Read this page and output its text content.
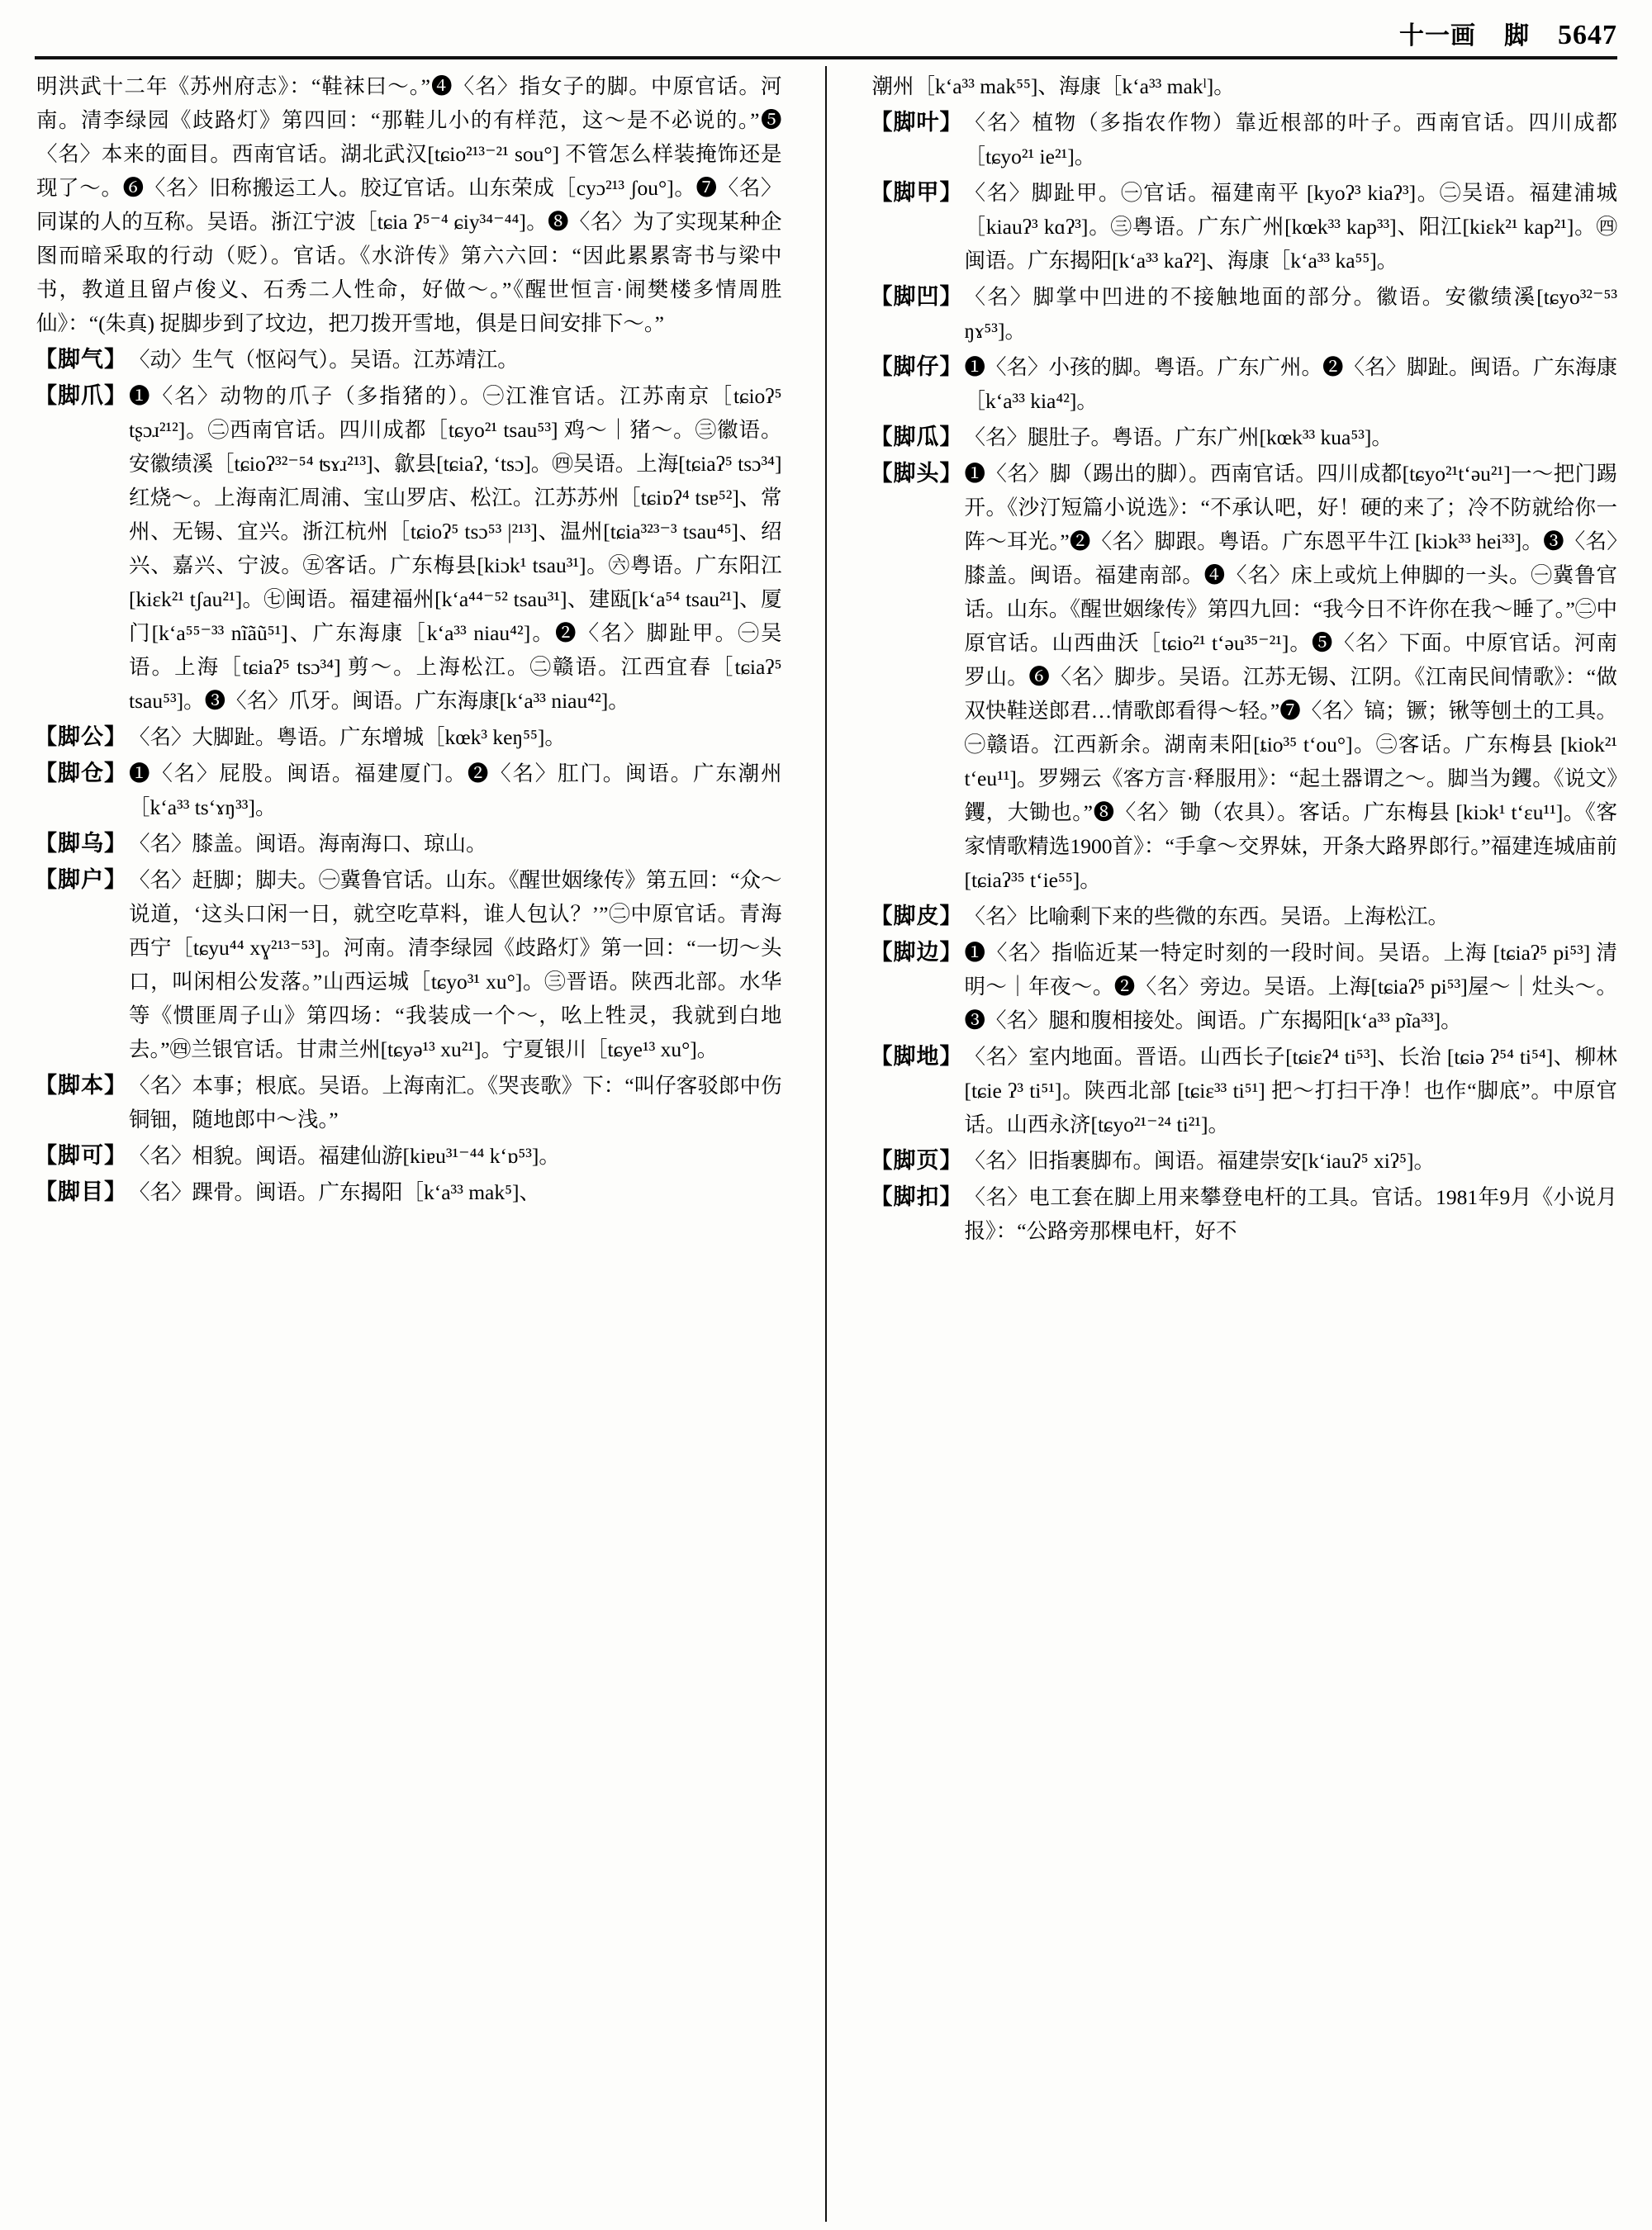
十一画 脚 5647
明洪武十二年《苏州府志》：“鞋袜曰～。”❹〈名〉指女子的脚。中原官话。河南。清李绿园《歧路灯》第四回：“那鞋儿小的有样范，这～是不必说的。”❺〈名〉本来的面目。西南官话。湖北武汉[tɕio²¹³⁻²¹ sou°] 不管怎么样装掩饰还是现了～。❻〈名〉旧称搬运工人。胶辽官话。山东荣成［cyɔ²¹³ ʃou°]。❼〈名〉同谋的人的互称。吴语。浙江宁波［tɕia ʔ⁵⁻⁴ ɕiy³⁴⁻⁴⁴]。❽〈名〉为了实现某种企图而暗采取的行动（贬）。官话。《水浒传》第六六回：“因此累累寄书与梁中书，教道且留卢俊义、石秀二人性命，好做～。”《醒世恒言·闹樊楼多情周胜仙》：“(朱真) 捉脚步到了坟边，把刀拨开雪地，俱是日间安排下～。”
【脚气】 〈动〉生气（怄闷气）。吴语。江苏靖江。
【脚爪】 ❶〈名〉动物的爪子（多指猪的）。㊀江淮官话。江苏南京［tɕioʔ⁵ tʂɔɹ²¹²]。㊁西南官话。四川成都［tɕyo²¹ tsau⁵³] 鸡～｜猪～。㊂徽语。安徽绩溪［tɕioʔ³²⁻⁵⁴ ʦɤɹ²¹³]、歙县[tɕiaʔ, ʻtsɔ]。㊃吴语。上海[tɕiaʔ⁵ tsɔ³⁴] 红烧～。上海南汇周浦、宝山罗店、松江。江苏苏州［tɕiɒʔ⁴ tsɐ⁵²]、常州、无锡、宜兴。浙江杭州［tɕioʔ⁵ tsɔ⁵³ |²¹³]、温州[tɕia³²³⁻³ tsau⁴⁵]、绍兴、嘉兴、宁波。㊄客话。广东梅县[kiɔk¹ tsau³¹]。㊅粤语。广东阳江[kiɛk²¹ tʃau²¹]。㊆闽语。福建福州[kʻa⁴⁴⁻⁵² tsau³¹]、建瓯[kʻa⁵⁴ tsau²¹]、厦门[kʻa⁵⁵⁻³³ nĩãũ⁵¹]、广东海康［kʻa³³ niau⁴²]。❷〈名〉脚趾甲。㊀吴语。上海［tɕiaʔ⁵ tsɔ³⁴] 剪～。上海松江。㊁赣语。江西宜春［tɕiaʔ⁵ tsau⁵³]。❸〈名〉爪牙。闽语。广东海康[kʻa³³ niau⁴²]。
【脚公】 〈名〉大脚趾。粤语。广东增城［kœk³ keŋ⁵⁵]。
【脚仓】 ❶〈名〉屁股。闽语。福建厦门。❷〈名〉肛门。闽语。广东潮州［kʻa³³ tsʻɤŋ³³]。
【脚乌】 〈名〉膝盖。闽语。海南海口、琼山。
【脚户】 〈名〉赶脚；脚夫。㊀冀鲁官话。山东。《醒世姻缘传》第五回：“众～说道，‘这头口闲一日，就空吃草料，谁人包认？’”㊁中原官话。青海西宁［tɕyu⁴⁴ xɣ²¹³⁻⁵³]。河南。清李绿园《歧路灯》第一回：“一切～头口，叫闲相公发落。”山西运城［tɕyo³¹ xu°]。㊂晋语。陕西北部。水华等《惯匪周子山》第四场：“我装成一个～，吆上牲灵，我就到白地去。”㊃兰银官话。甘肃兰州[tɕyə¹³ xu²¹]。宁夏银川［tɕye¹³ xu°]。
【脚本】 〈名〉本事；根底。吴语。上海南汇。《哭丧歌》下：“叫仔客驳郎中伤铜钿，随地郎中～浅。”
【脚可】 〈名〉相貌。闽语。福建仙游[kiɐu³¹⁻⁴⁴ kʻɒ⁵³]。
【脚目】 〈名〉踝骨。闽语。广东揭阳［kʻa³³ mak⁵]、
潮州［kʻa³³ mak⁵⁵]、海康［kʻa³³ makˡ]。
【脚叶】 〈名〉植物（多指农作物）靠近根部的叶子。西南官话。四川成都［tɕyo²¹ ie²¹]。
【脚甲】 〈名〉脚趾甲。㊀官话。福建南平 [kyoʔ³ kiaʔ³]。㊁吴语。福建浦城［kiauʔ³ kɑʔ³]。㊂粤语。广东广州[kœk³³ kap³³]、阳江[kiɛk²¹ kap²¹]。㊃闽语。广东揭阳[kʻa³³ kaʔ²]、海康［kʻa³³ ka⁵⁵]。
【脚凹】 〈名〉脚掌中凹进的不接触地面的部分。徽语。安徽绩溪[tɕyo³²⁻⁵³ ŋɤ⁵³]。
【脚仔】 ❶〈名〉小孩的脚。粤语。广东广州。❷〈名〉脚趾。闽语。广东海康［kʻa³³ kia⁴²]。
【脚瓜】 〈名〉腿肚子。粤语。广东广州[kœk³³ kua⁵³]。
【脚头】 ❶〈名〉脚（踢出的脚）。西南官话。四川成都[tɕyo²¹tʻəu²¹]一～把门踢开。《沙汀短篇小说选》：“不承认吧，好！硬的来了；冷不防就给你一阵～耳光。”❷〈名〉脚跟。粤语。广东恩平牛江 [kiɔk³³ hei³³]。❸〈名〉膝盖。闽语。福建南部。❹〈名〉床上或炕上伸脚的一头。㊀冀鲁官话。山东。《醒世姻缘传》第四九回：“我今日不许你在我～睡了。”㊁中原官话。山西曲沃［tɕio²¹ tʻəu³⁵⁻²¹]。❺〈名〉下面。中原官话。河南罗山。❻〈名〉脚步。吴语。江苏无锡、江阴。《江南民间情歌》：“做双快鞋送郎君…情歌郎看得～轻。”❼〈名〉镐；镢；锹等刨土的工具。㊀赣语。江西新余。湖南耒阳[ȶio³⁵ tʻou°]。㊁客话。广东梅县 [kiok²¹ tʻeu¹¹]。罗翙云《客方言·释服用》：“起土器谓之～。脚当为钁。《说文》钁，大锄也。”❽〈名〉锄（农具）。客话。广东梅县 [kiɔk¹ tʻɛu¹¹]。《客家情歌精选1900首》：“手拿～交界妹，开条大路界郎行。”福建连城庙前[tɕiaʔ³⁵ tʻie⁵⁵]。
【脚皮】 〈名〉比喻剩下来的些微的东西。吴语。上海松江。
【脚边】 ❶〈名〉指临近某一特定时刻的一段时间。吴语。上海 [tɕiaʔ⁵ pi⁵³] 清明～｜年夜～。❷〈名〉旁边。吴语。上海[tɕiaʔ⁵ pi⁵³]屋～｜灶头～。❸〈名〉腿和腹相接处。闽语。广东揭阳[kʻa³³ pĩa³³]。
【脚地】 〈名〉室内地面。晋语。山西长子[tɕiɛʔ⁴ ti⁵³]、长治 [tɕiə ʔ⁵⁴ ti⁵⁴]、柳林[tɕie ʔ³ ti⁵¹]。陕西北部 [tɕiɛ³³ ti⁵¹] 把～打扫干净！也作“脚底”。中原官话。山西永济[tɕyo²¹⁻²⁴ ti²¹]。
【脚页】 〈名〉旧指裹脚布。闽语。福建崇安[kʻiauʔ⁵ xiʔ⁵]。
【脚扣】 〈名〉电工套在脚上用来攀登电杆的工具。官话。1981年9月《小说月报》：“公路旁那棵电杆，好不
